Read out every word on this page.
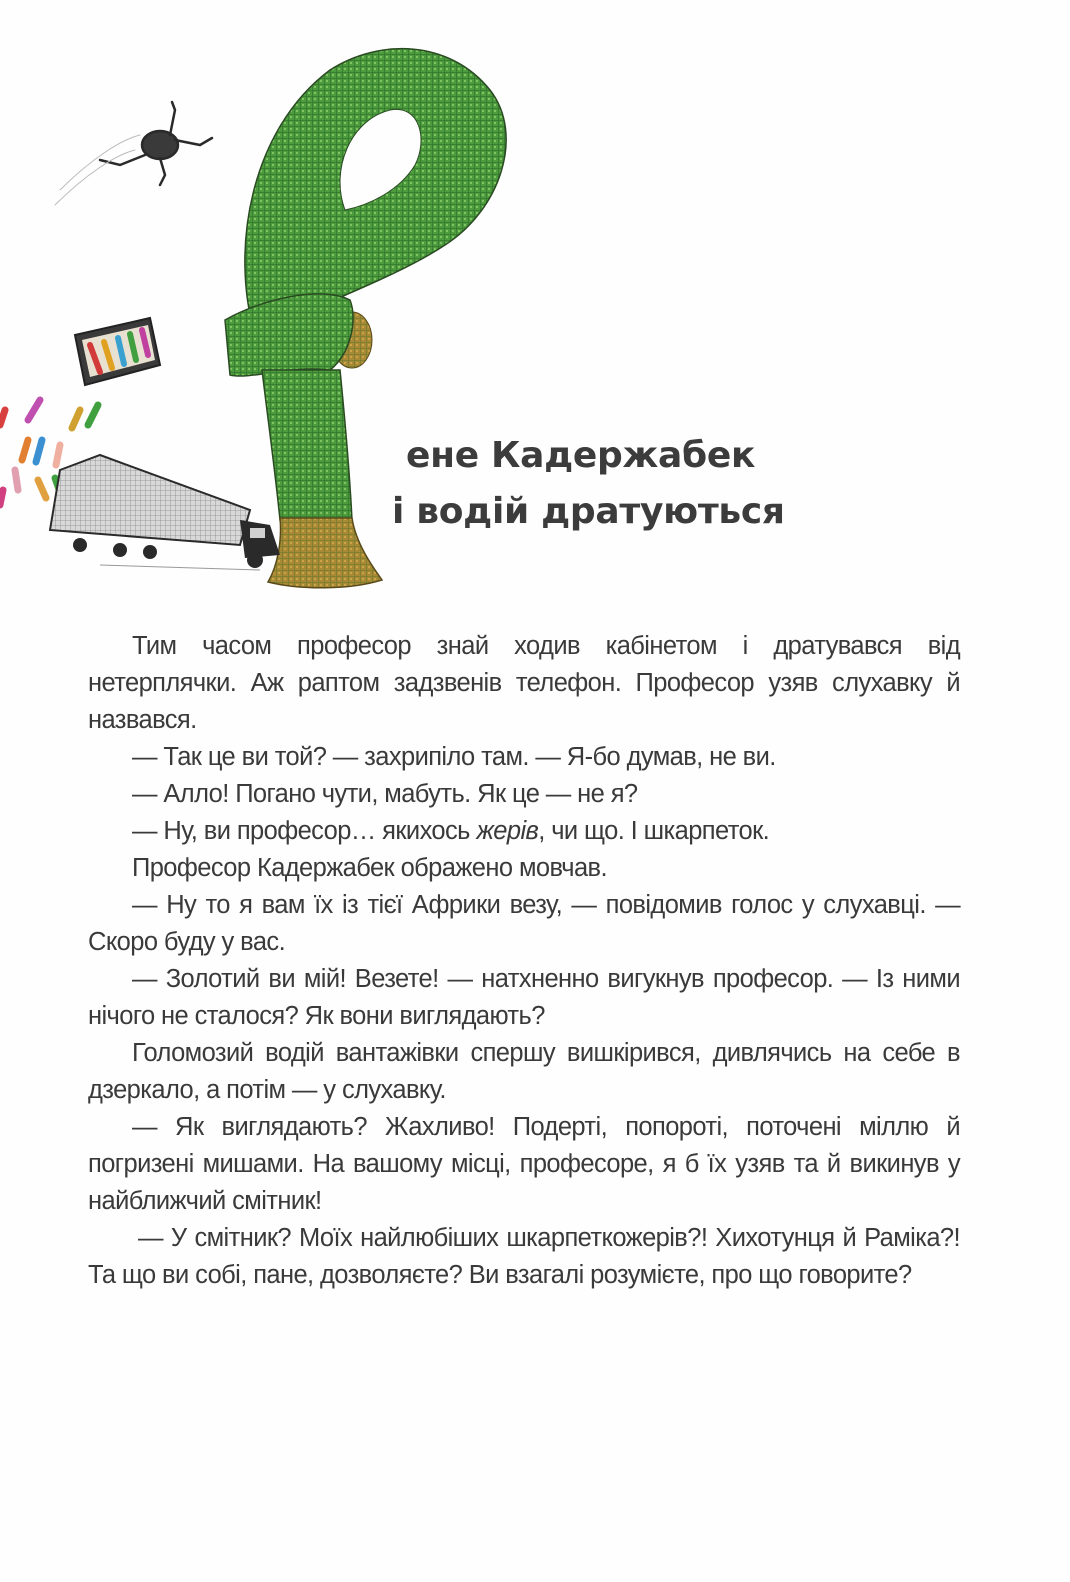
ене Кадержабек
і водій дратуються

Тим часом професор знай ходив кабінетом і дратувався від нетерплячки. Аж раптом задзвенів телефон. Професор узяв слухавку й назвався.

— Так це ви той? — захрипіло там. — Я-бо думав, не ви.

— Алло! Погано чути, мабуть. Як це — не я?

— Ну, ви професор… якихось жерів, чи що. І шкарпеток.

Професор Кадержабек ображено мовчав.

— Ну то я вам їх із тієї Африки везу, — повідомив голос у слухавці. — Скоро буду у вас.

— Золотий ви мій! Везете! — натхненно вигукнув професор. — Із ними нічого не сталося? Як вони виглядають?

Голомозий водій вантажівки спершу вишкірився, дивлячись на себе в дзеркало, а потім — у слухавку.

— Як виглядають? Жахливо! Подерті, попороті, поточені міллю й погризені мишами. На вашому місці, професоре, я б їх узяв та й викинув у найближчий смітник!

— У смітник? Моїх найлюбіших шкарпеткожерів?! Хихотунця й Раміка?! Та що ви собі, пане, дозволяєте? Ви взагалі розумієте, про що говорите?
